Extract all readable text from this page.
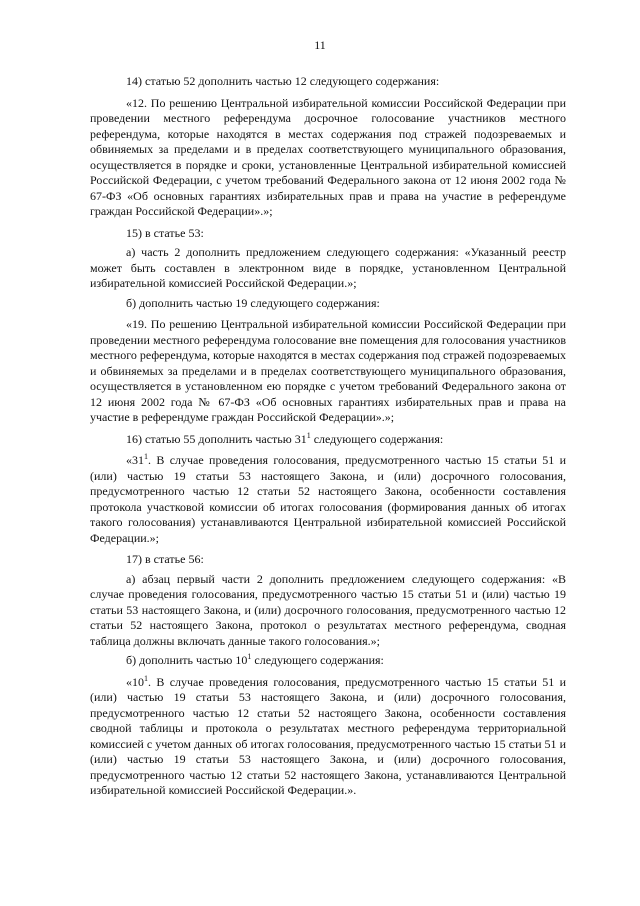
11

14) статью 52 дополнить частью 12 следующего содержания:

«12. По решению Центральной избирательной комиссии Российской Федерации при проведении местного референдума досрочное голосование участников местного референдума, которые находятся в местах содержания под стражей подозреваемых и обвиняемых за пределами и в пределах соответствующего муниципального образования, осуществляется в порядке и сроки, установленные Центральной избирательной комиссией Российской Федерации, с учетом требований Федерального закона от 12 июня 2002 года № 67-ФЗ «Об основных гарантиях избирательных прав и права на участие в референдуме граждан Российской Федерации».»;

15) в статье 53:

а) часть 2 дополнить предложением следующего содержания: «Указанный реестр может быть составлен в электронном виде в порядке, установленном Центральной избирательной комиссией Российской Федерации.»;

б) дополнить частью 19 следующего содержания:

«19. По решению Центральной избирательной комиссии Российской Федерации при проведении местного референдума голосование вне помещения для голосования участников местного референдума, которые находятся в местах содержания под стражей подозреваемых и обвиняемых за пределами и в пределах соответствующего муниципального образования, осуществляется в установленном ею порядке с учетом требований Федерального закона от 12 июня 2002 года № 67-ФЗ «Об основных гарантиях избирательных прав и права на участие в референдуме граждан Российской Федерации».»;

16) статью 55 дополнить частью $31^1$ следующего содержания:

«$31^1$. В случае проведения голосования, предусмотренного частью 15 статьи 51 и (или) частью 19 статьи 53 настоящего Закона, и (или) досрочного голосования, предусмотренного частью 12 статьи 52 настоящего Закона, особенности составления протокола участковой комиссии об итогах голосования (формирования данных об итогах такого голосования) устанавливаются Центральной избирательной комиссией Российской Федерации.»;

17) в статье 56:

а) абзац первый части 2 дополнить предложением следующего содержания: «В случае проведения голосования, предусмотренного частью 15 статьи 51 и (или) частью 19 статьи 53 настоящего Закона, и (или) досрочного голосования, предусмотренного частью 12 статьи 52 настоящего Закона, протокол о результатах местного референдума, сводная таблица должны включать данные такого голосования.»;

б) дополнить частью $10^1$ следующего содержания:

«$10^1$. В случае проведения голосования, предусмотренного частью 15 статьи 51 и (или) частью 19 статьи 53 настоящего Закона, и (или) досрочного голосования, предусмотренного частью 12 статьи 52 настоящего Закона, особенности составления сводной таблицы и протокола о результатах местного референдума территориальной комиссией с учетом данных об итогах голосования, предусмотренного частью 15 статьи 51 и (или) частью 19 статьи 53 настоящего Закона, и (или) досрочного голосования, предусмотренного частью 12 статьи 52 настоящего Закона, устанавливаются Центральной избирательной комиссией Российской Федерации.».
